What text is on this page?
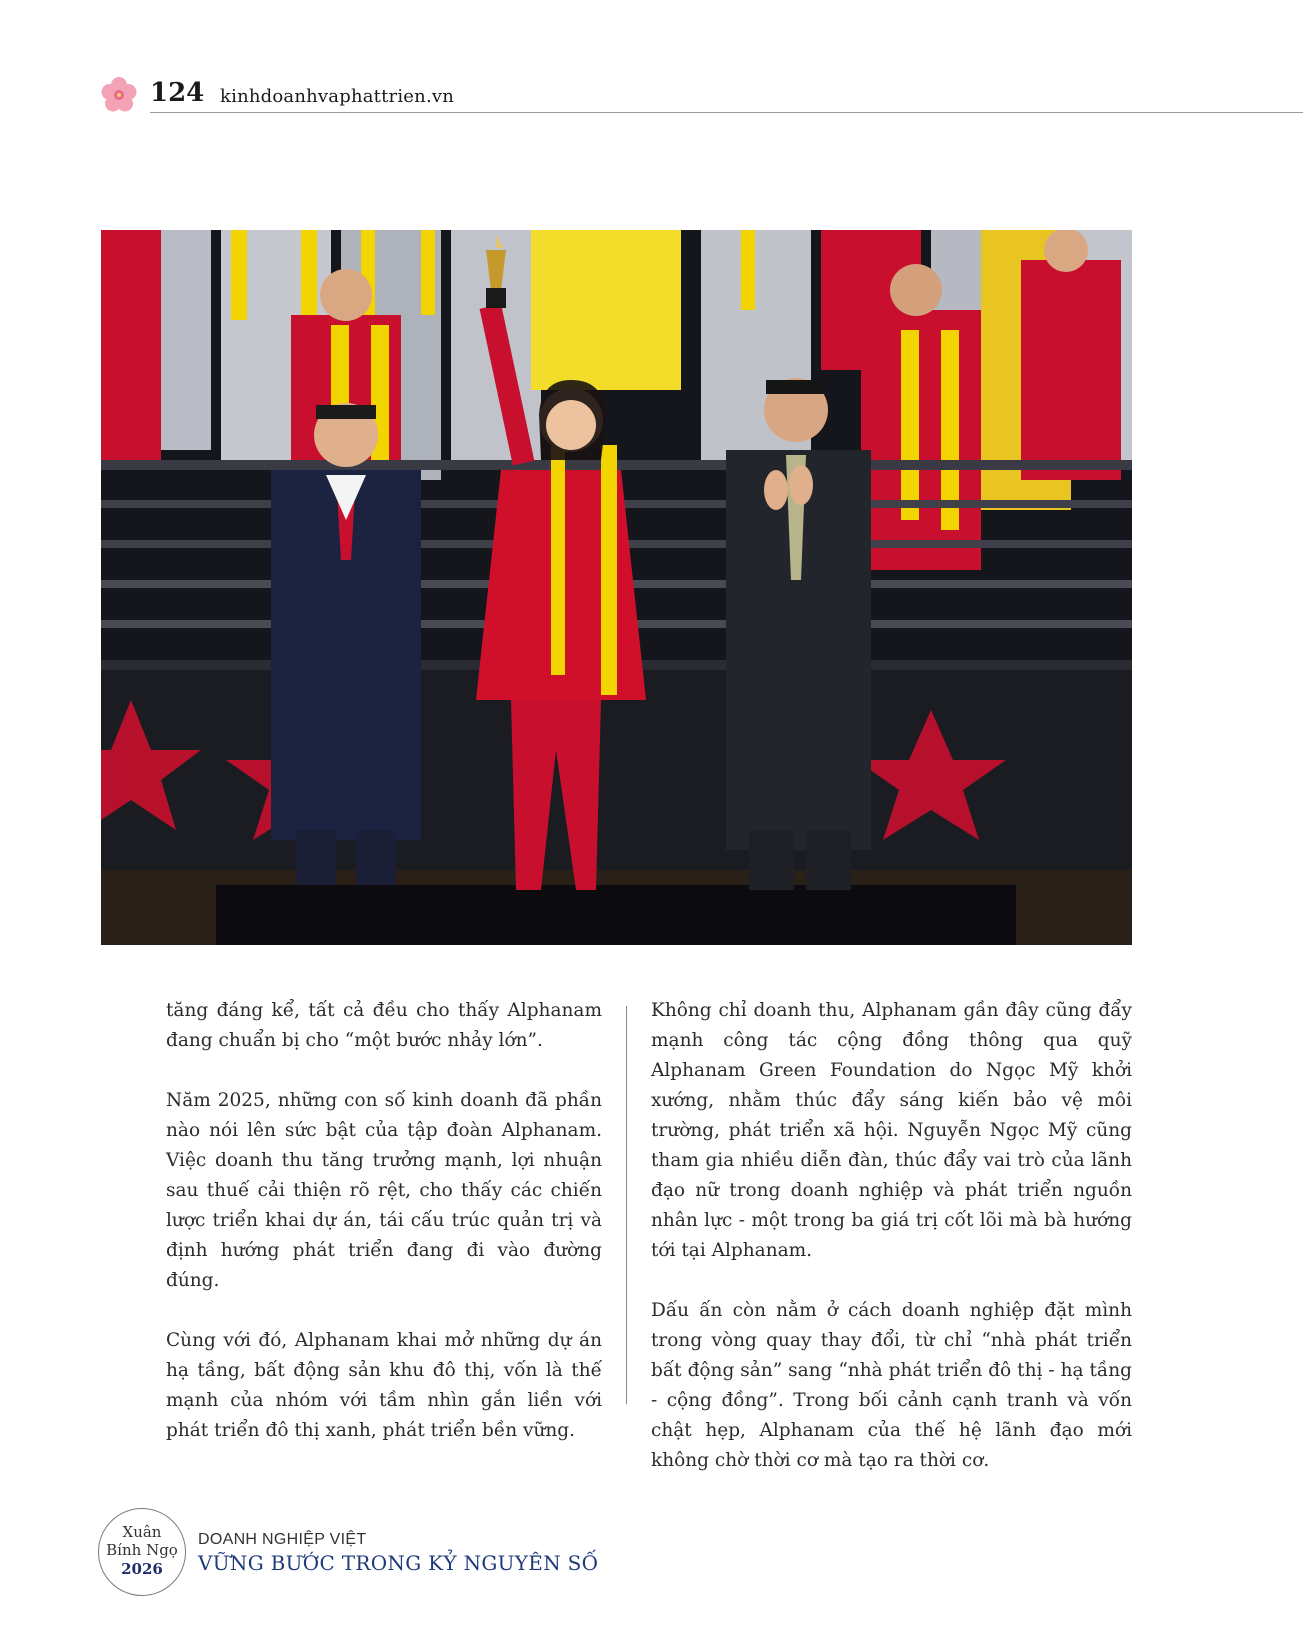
124 kinhdoanhvaphattrien.vn

tăng đáng kể, tất cả đều cho thấy Alphanam đang chuẩn bị cho “một bước nhảy lớn”.

Năm 2025, những con số kinh doanh đã phần nào nói lên sức bật của tập đoàn Alphanam. Việc doanh thu tăng trưởng mạnh, lợi nhuận sau thuế cải thiện rõ rệt, cho thấy các chiến lược triển khai dự án, tái cấu trúc quản trị và định hướng phát triển đang đi vào đường đúng.

Cùng với đó, Alphanam khai mở những dự án hạ tầng, bất động sản khu đô thị, vốn là thế mạnh của nhóm với tầm nhìn gắn liền với phát triển đô thị xanh, phát triển bền vững.

Không chỉ doanh thu, Alphanam gần đây cũng đẩy mạnh công tác cộng đồng thông qua quỹ Alphanam Green Foundation do Ngọc Mỹ khởi xướng, nhằm thúc đẩy sáng kiến bảo vệ môi trường, phát triển xã hội. Nguyễn Ngọc Mỹ cũng tham gia nhiều diễn đàn, thúc đẩy vai trò của lãnh đạo nữ trong doanh nghiệp và phát triển nguồn nhân lực - một trong ba giá trị cốt lõi mà bà hướng tới tại Alphanam.

Dấu ấn còn nằm ở cách doanh nghiệp đặt mình trong vòng quay thay đổi, từ chỉ “nhà phát triển bất động sản” sang “nhà phát triển đô thị - hạ tầng - cộng đồng”. Trong bối cảnh cạnh tranh và vốn chật hẹp, Alphanam của thế hệ lãnh đạo mới không chờ thời cơ mà tạo ra thời cơ.

Xuân
Bính Ngọ
2026
DOANH NGHIỆP VIỆT
VỮNG BƯỚC TRONG KỶ NGUYÊN SỐ
